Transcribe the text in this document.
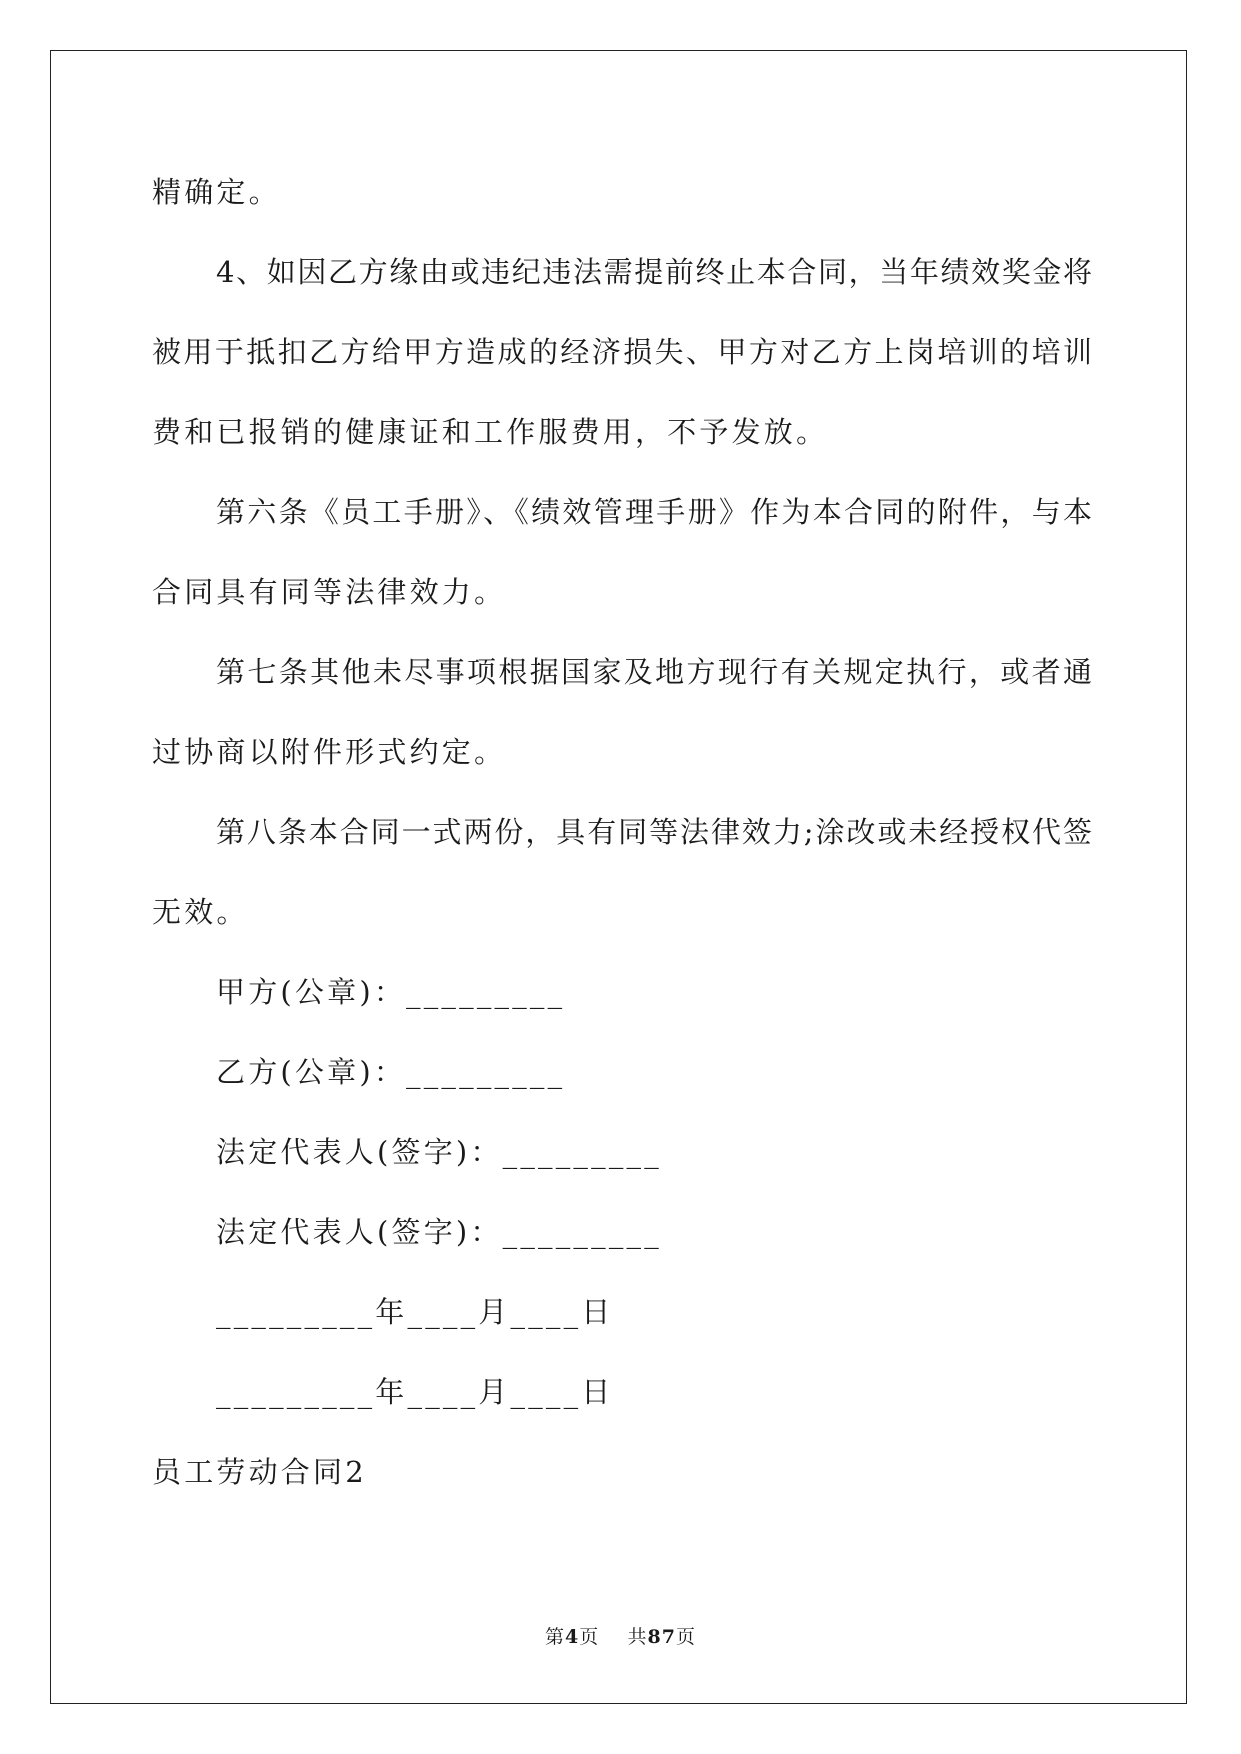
精确定。
4、如因乙方缘由或违纪违法需提前终止本合同，当年绩效奖金将
被用于抵扣乙方给甲方造成的经济损失、甲方对乙方上岗培训的培训
费和已报销的健康证和工作服费用，不予发放。
第六条《员工手册》、《绩效管理手册》作为本合同的附件，与本
合同具有同等法律效力。
第七条其他未尽事项根据国家及地方现行有关规定执行，或者通
过协商以附件形式约定。
第八条本合同一式两份，具有同等法律效力;涂改或未经授权代签
无效。
甲方(公章)：_________
乙方(公章)：_________
法定代表人(签字)：_________
法定代表人(签字)：_________
_________年____月____日
_________年____月____日
员工劳动合同2
第4页 共87页
